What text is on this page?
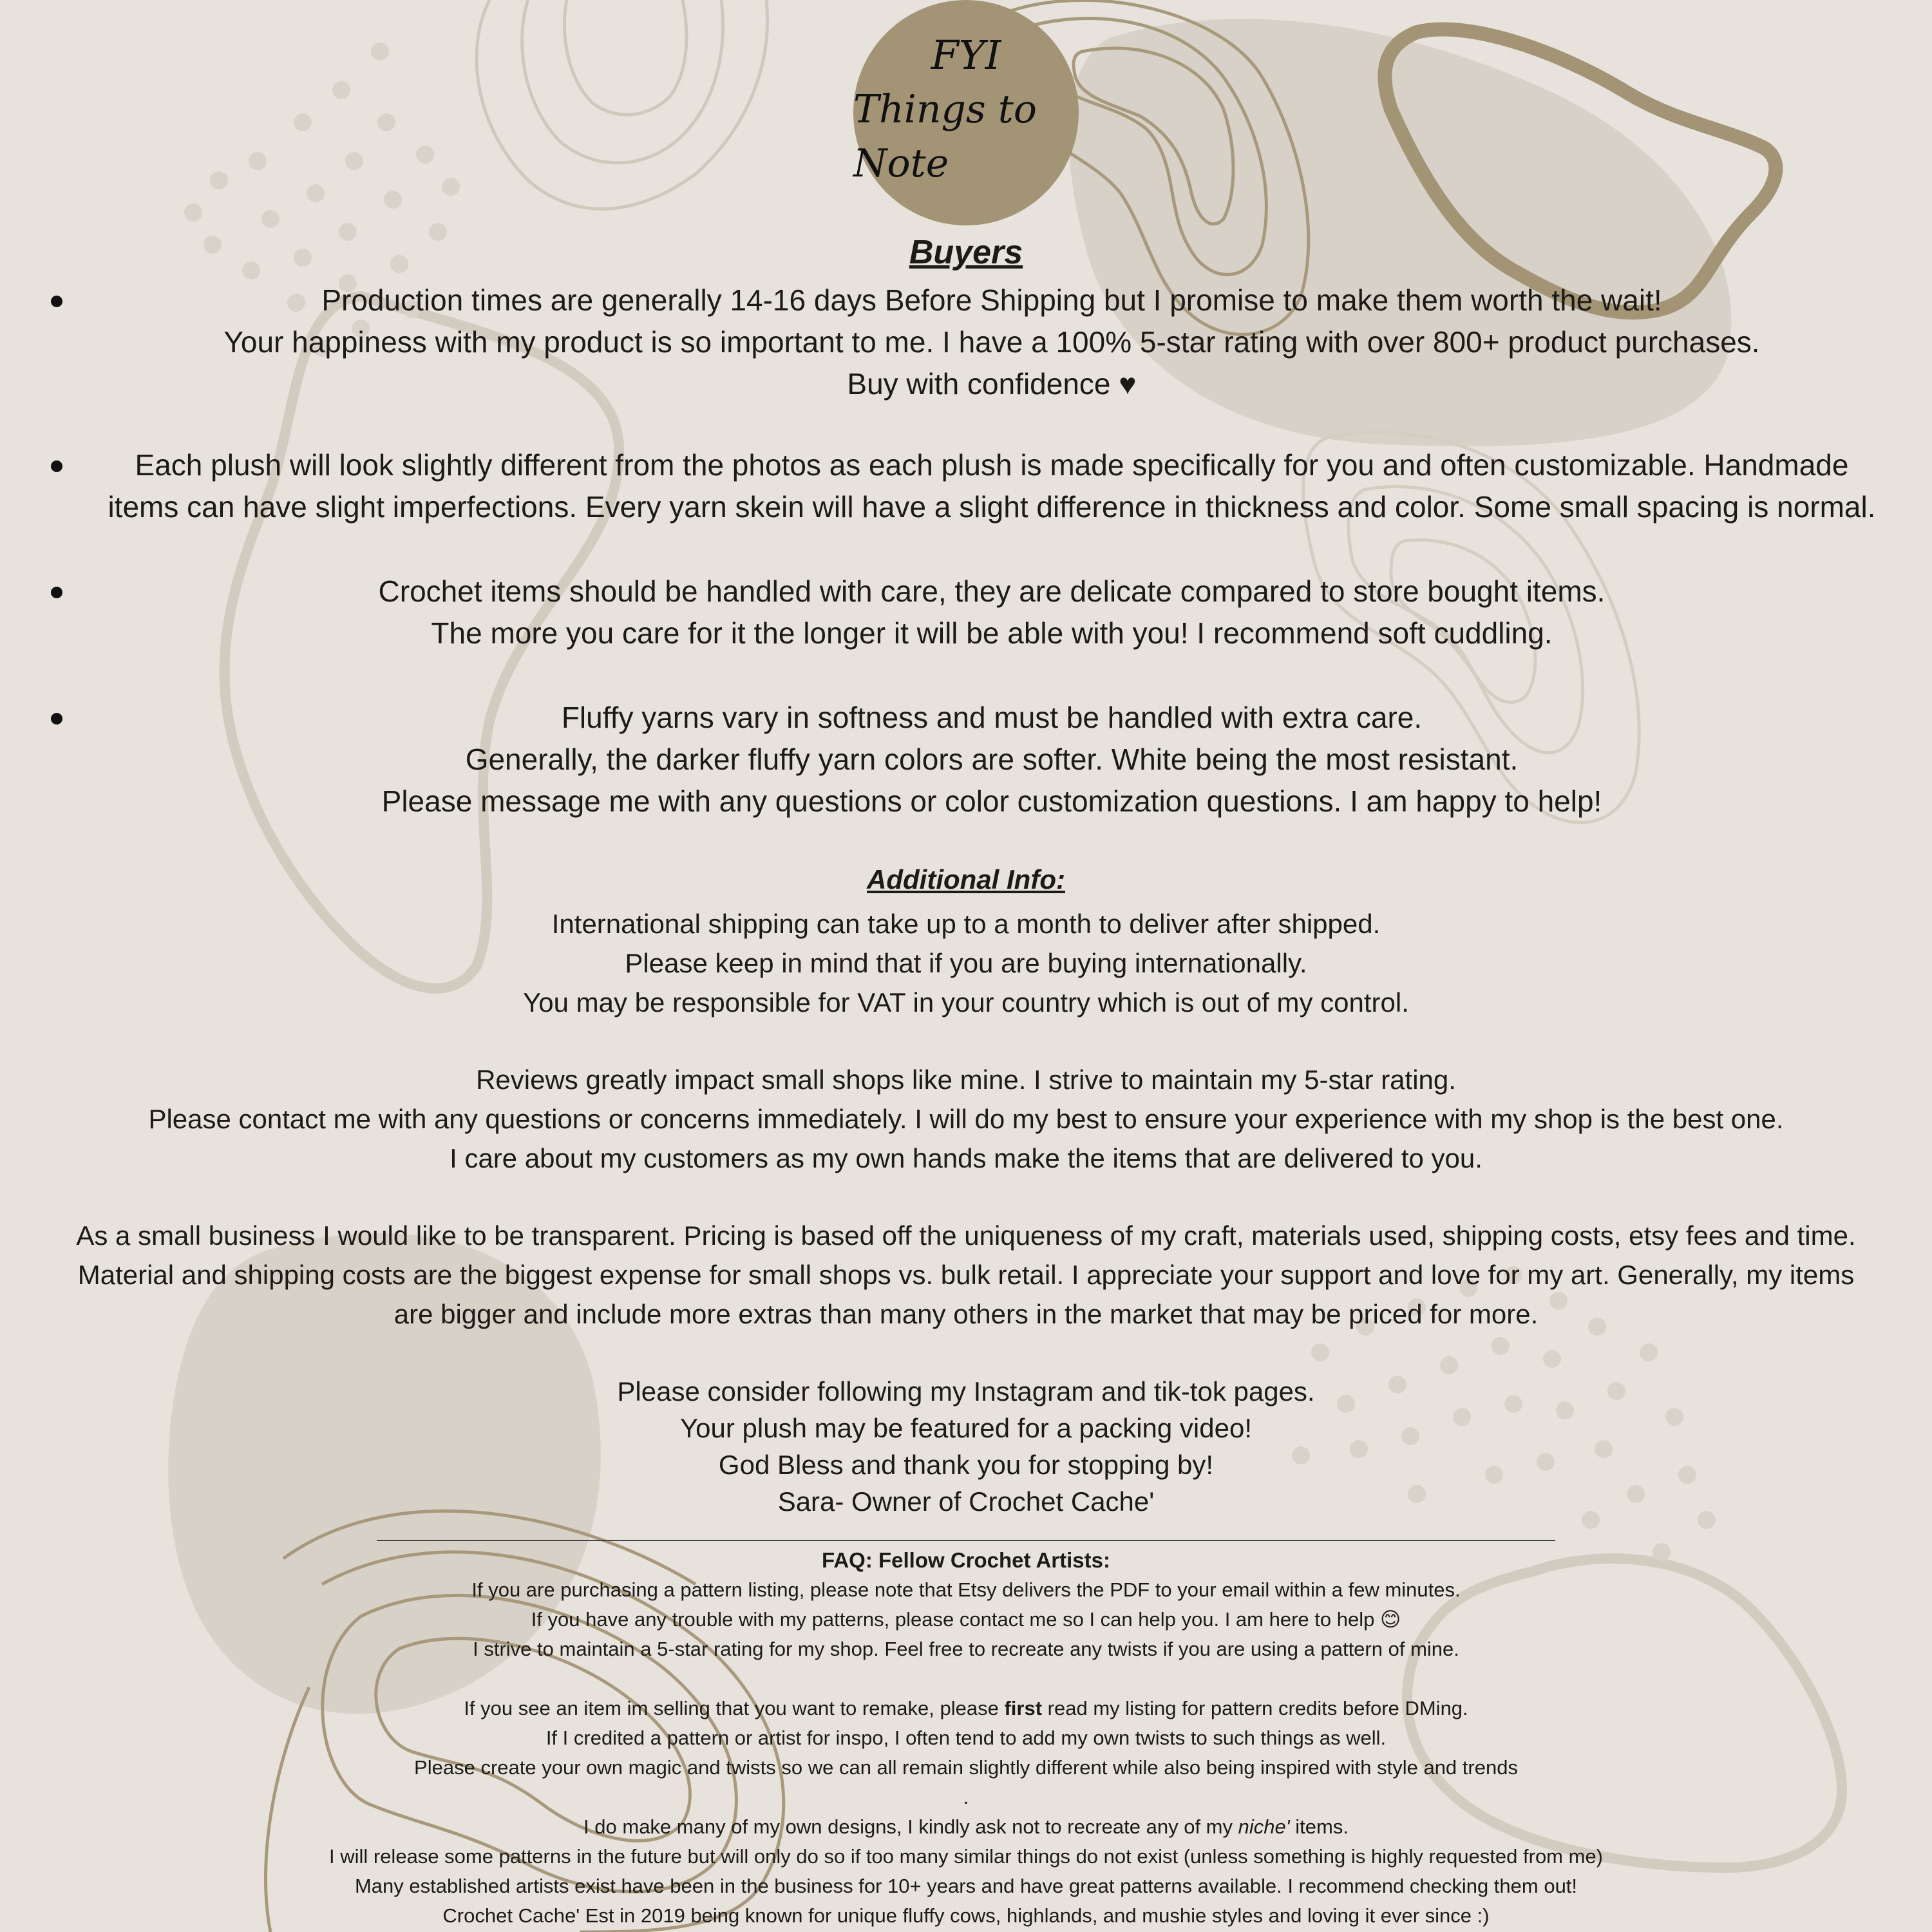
FYI
Things to Note
Buyers
Production times are generally 14-16 days Before Shipping but I promise to make them worth the wait!
Your happiness with my product is so important to me. I have a 100% 5-star rating with over 800+ product purchases.
Buy with confidence ♥
Each plush will look slightly different from the photos as each plush is made specifically for you and often customizable. Handmade
items can have slight imperfections. Every yarn skein will have a slight difference in thickness and color. Some small spacing is normal.
Crochet items should be handled with care, they are delicate compared to store bought items.
The more you care for it the longer it will be able with you! I recommend soft cuddling.
Fluffy yarns vary in softness and must be handled with extra care.
Generally, the darker fluffy yarn colors are softer. White being the most resistant.
Please message me with any questions or color customization questions. I am happy to help!
Additional Info:
International shipping can take up to a month to deliver after shipped.
Please keep in mind that if you are buying internationally.
You may be responsible for VAT in your country which is out of my control.
Reviews greatly impact small shops like mine. I strive to maintain my 5-star rating.
Please contact me with any questions or concerns immediately. I will do my best to ensure your experience with my shop is the best one.
I care about my customers as my own hands make the items that are delivered to you.
As a small business I would like to be transparent. Pricing is based off the uniqueness of my craft, materials used, shipping costs, etsy fees and time.
Material and shipping costs are the biggest expense for small shops vs. bulk retail. I appreciate your support and love for my art. Generally, my items
are bigger and include more extras than many others in the market that may be priced for more.
Please consider following my Instagram and tik-tok pages.
Your plush may be featured for a packing video!
God Bless and thank you for stopping by!
Sara- Owner of Crochet Cache'
FAQ: Fellow Crochet Artists:
If you are purchasing a pattern listing, please note that Etsy delivers the PDF to your email within a few minutes.
If you have any trouble with my patterns, please contact me so I can help you. I am here to help 😊
I strive to maintain a 5-star rating for my shop. Feel free to recreate any twists if you are using a pattern of mine.
If you see an item im selling that you want to remake, please first read my listing for pattern credits before DMing.
If I credited a pattern or artist for inspo, I often tend to add my own twists to such things as well.
Please create your own magic and twists so we can all remain slightly different while also being inspired with style and trends
.
I do make many of my own designs, I kindly ask not to recreate any of my niche' items.
I will release some patterns in the future but will only do so if too many similar things do not exist (unless something is highly requested from me)
Many established artists exist have been in the business for 10+ years and have great patterns available. I recommend checking them out!
Crochet Cache' Est in 2019 being known for unique fluffy cows, highlands, and mushie styles and loving it ever since :)
